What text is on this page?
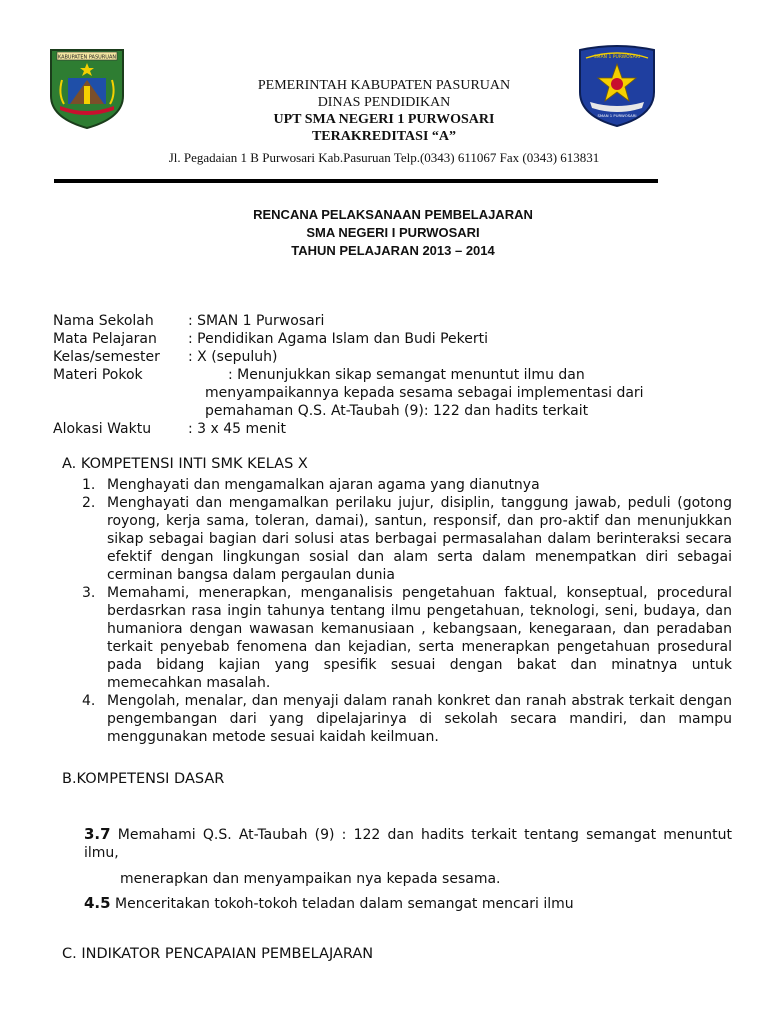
KABUPATEN PASURUAN	SMAN 1 PURWOSARI
SMAN 1 PURWOSARI
PEMERINTAH KABUPATEN PASURUAN
DINAS PENDIDIKAN
UPT SMA NEGERI 1 PURWOSARI
TERAKREDITASI “A”
Jl. Pegadaian 1 B Purwosari Kab.Pasuruan Telp.(0343) 611067 Fax (0343) 613831
RENCANA PELAKSANAAN PEMBELAJARAN
SMA NEGERI I PURWOSARI
TAHUN PELAJARAN 2013 – 2014
Nama Sekolah : SMAN 1 Purwosari
Mata Pelajaran : Pendidikan Agama Islam dan Budi Pekerti
Kelas/semester : X (sepuluh)
Materi Pokok	: Menunjukkan sikap semangat menuntut ilmu dan
menyampaikannya kepada sesama sebagai implementasi dari
pemahaman Q.S. At-Taubah (9): 122 dan hadits terkait
Alokasi Waktu	: 3 x 45 menit
A. KOMPETENSI INTI SMK KELAS X
1. Menghayati dan mengamalkan ajaran agama yang dianutnya
2. Menghayati dan mengamalkan perilaku jujur, disiplin, tanggung jawab, peduli (gotong royong, kerja sama, toleran, damai), santun, responsif, dan pro-aktif dan menunjukkan sikap sebagai bagian dari solusi atas berbagai permasalahan dalam berinteraksi secara efektif dengan lingkungan sosial dan alam serta dalam menempatkan diri sebagai cerminan bangsa dalam pergaulan dunia
3. Memahami, menerapkan, menganalisis pengetahuan faktual, konseptual, procedural berdasrkan rasa ingin tahunya tentang ilmu pengetahuan, teknologi, seni, budaya, dan humaniora dengan wawasan kemanusiaan , kebangsaan, kenegaraan, dan peradaban terkait penyebab fenomena dan kejadian, serta menerapkan pengetahuan prosedural pada bidang kajian yang spesifik sesuai dengan bakat dan minatnya untuk memecahkan masalah.
4. Mengolah, menalar, dan menyaji dalam ranah konkret dan ranah abstrak terkait dengan pengembangan dari yang dipelajarinya di sekolah secara mandiri, dan mampu menggunakan metode sesuai kaidah keilmuan.
B.KOMPETENSI DASAR
3.7 Memahami Q.S. At-Taubah (9) : 122 dan hadits terkait tentang semangat menuntut ilmu,
menerapkan dan menyampaikan nya kepada sesama.
4.5 Menceritakan tokoh-tokoh teladan dalam semangat mencari ilmu
C. INDIKATOR PENCAPAIAN PEMBELAJARAN
